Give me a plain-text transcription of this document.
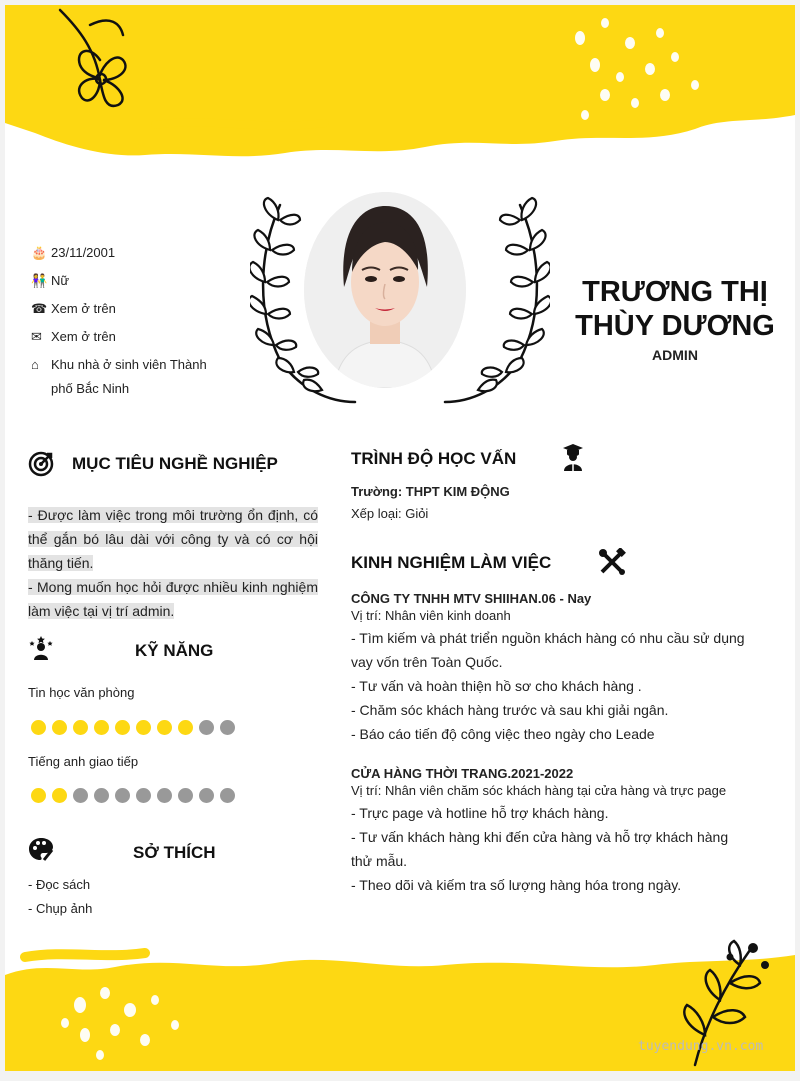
🎂 23/11/2001
👫 Nữ
☎ Xem ở trên
✉ Xem ở trên
⌂ Khu nhà ở sinh viên Thành phố Bắc Ninh
TRƯƠNG THỊ
THÙY DƯƠNG
ADMIN
MỤC TIÊU NGHỀ NGHIỆP
- Được làm việc trong môi trường ổn định, có thể gắn bó lâu dài với công ty và có cơ hội thăng tiến.
- Mong muốn học hỏi được nhiều kinh nghiệm làm việc tại vị trí admin.
KỸ NĂNG
Tin học văn phòng
Tiếng anh giao tiếp
SỞ THÍCH
- Đọc sách
- Chụp ảnh
TRÌNH ĐỘ HỌC VẤN
Trường: THPT KIM ĐỘNG
Xếp loại: Giỏi
KINH NGHIỆM LÀM VIỆC
CÔNG TY TNHH MTV SHIIHAN.06 - Nay
Vị trí: Nhân viên kinh doanh
- Tìm kiếm và phát triển nguồn khách hàng có nhu cầu sử dụng vay vốn trên Toàn Quốc.
- Tư vấn và hoàn thiện hồ sơ cho khách hàng .
- Chăm sóc khách hàng trước và sau khi giải ngân.
- Báo cáo tiến độ công việc theo ngày cho Leade
CỬA HÀNG THỜI TRANG.2021-2022
Vị trí: Nhân viên chăm sóc khách hàng tại cửa hàng và trực page
- Trực page và hotline hỗ trợ khách hàng.
- Tư vấn khách hàng khi đến cửa hàng và hỗ trợ khách hàng thử mẫu.
- Theo dõi và kiếm tra số lượng hàng hóa trong ngày.
tuyendung.vn.com
